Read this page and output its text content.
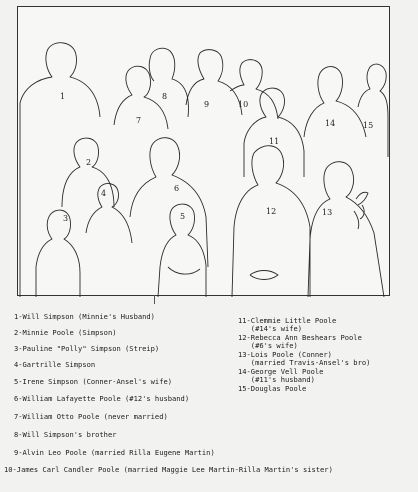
1
2
3
4
5
6
7
8
9	10
11
12	13
14	15

1-Will Simpson (Minnie's Husband)

2-Minnie Poole (Simpson)

3-Pauline "Polly" Simpson (Streip)

4-Gartrille Simpson

5-Irene Simpson (Conner-Ansel's wife)

6-William Lafayette Poole (#12's husband)

7-William Otto Poole (never married)

8-Will Simpson's brother

9-Alvin Leo Poole (married Rilla Eugene Martin)

10-James Carl Candler Poole (married Maggie Lee Martin-Rilla Martin's sister)

11-Clemmie Little Poole

(#14's wife)

12-Rebecca Ann Beshears Poole

(#6's wife)

13-Lois Poole (Conner)

(married Travis-Ansel's bro)

14-George Vell Poole

(#11's husband)

15-Douglas Poole
